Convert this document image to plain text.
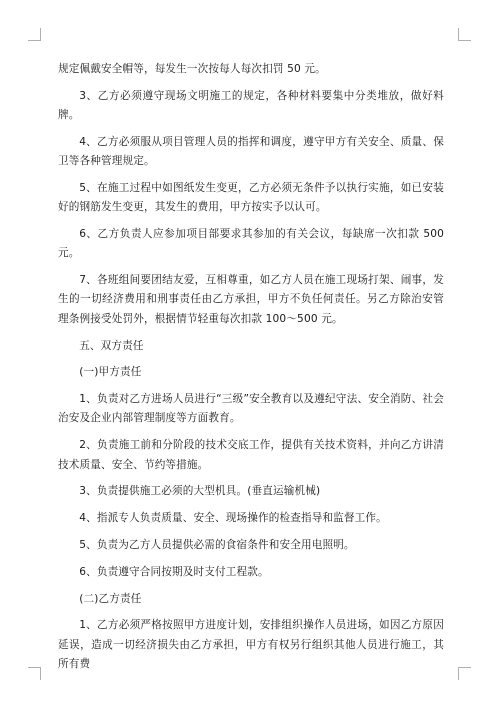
规定佩戴安全帽等，每发生一次按每人每次扣罚 50 元。

3、乙方必须遵守现场文明施工的规定，各种材料要集中分类堆放，做好料牌。

4、乙方必须服从项目管理人员的指挥和调度，遵守甲方有关安全、质量、保卫等各种管理规定。

5、在施工过程中如图纸发生变更，乙方必须无条件予以执行实施，如已安装好的钢筋发生变更，其发生的费用，甲方按实予以认可。

6、乙方负责人应参加项目部要求其参加的有关会议，每缺席一次扣款 500 元。

7、各班组间要团结友爱，互相尊重，如乙方人员在施工现场打架、闹事，发生的一切经济费用和刑事责任由乙方承担，甲方不负任何责任。另乙方除治安管理条例接受处罚外，根据情节轻重每次扣款 100～500 元。

五、双方责任

(一)甲方责任

1、负责对乙方进场人员进行“三级”安全教育以及遵纪守法、安全消防、社会治安及企业内部管理制度等方面教育。

2、负责施工前和分阶段的技术交底工作，提供有关技术资料，并向乙方讲清技术质量、安全、节约等措施。

3、负责提供施工必须的大型机具。(垂直运输机械)

4、指派专人负责质量、安全、现场操作的检查指导和监督工作。

5、负责为乙方人员提供必需的食宿条件和安全用电照明。

6、负责遵守合同按期及时支付工程款。

(二)乙方责任

1、乙方必须严格按照甲方进度计划，安排组织操作人员进场，如因乙方原因延误，造成一切经济损失由乙方承担，甲方有权另行组织其他人员进行施工，其所有费
